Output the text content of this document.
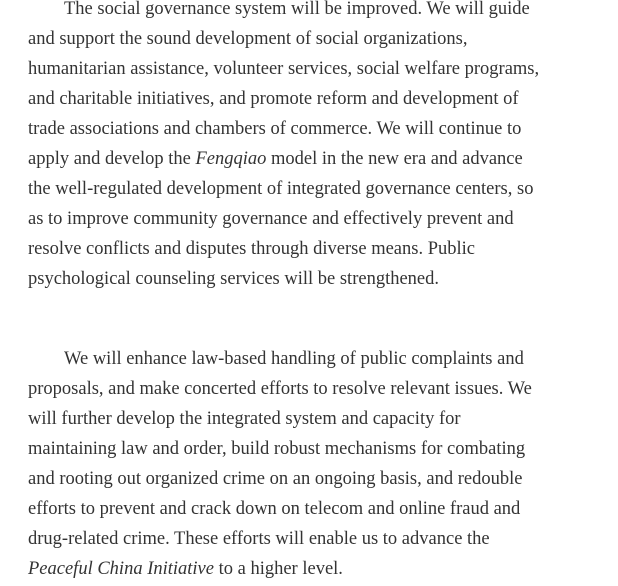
The social governance system will be improved. We will guide
and support the sound development of social organizations,
humanitarian assistance, volunteer services, social welfare programs,
and charitable initiatives, and promote reform and development of
trade associations and chambers of commerce. We will continue to
apply and develop the Fengqiao model in the new era and advance
the well-regulated development of integrated governance centers, so
as to improve community governance and effectively prevent and
resolve conflicts and disputes through diverse means. Public
psychological counseling services will be strengthened.

We will enhance law-based handling of public complaints and
proposals, and make concerted efforts to resolve relevant issues. We
will further develop the integrated system and capacity for
maintaining law and order, build robust mechanisms for combating
and rooting out organized crime on an ongoing basis, and redouble
efforts to prevent and crack down on telecom and online fraud and
drug-related crime. These efforts will enable us to advance the
Peaceful China Initiative to a higher level.
